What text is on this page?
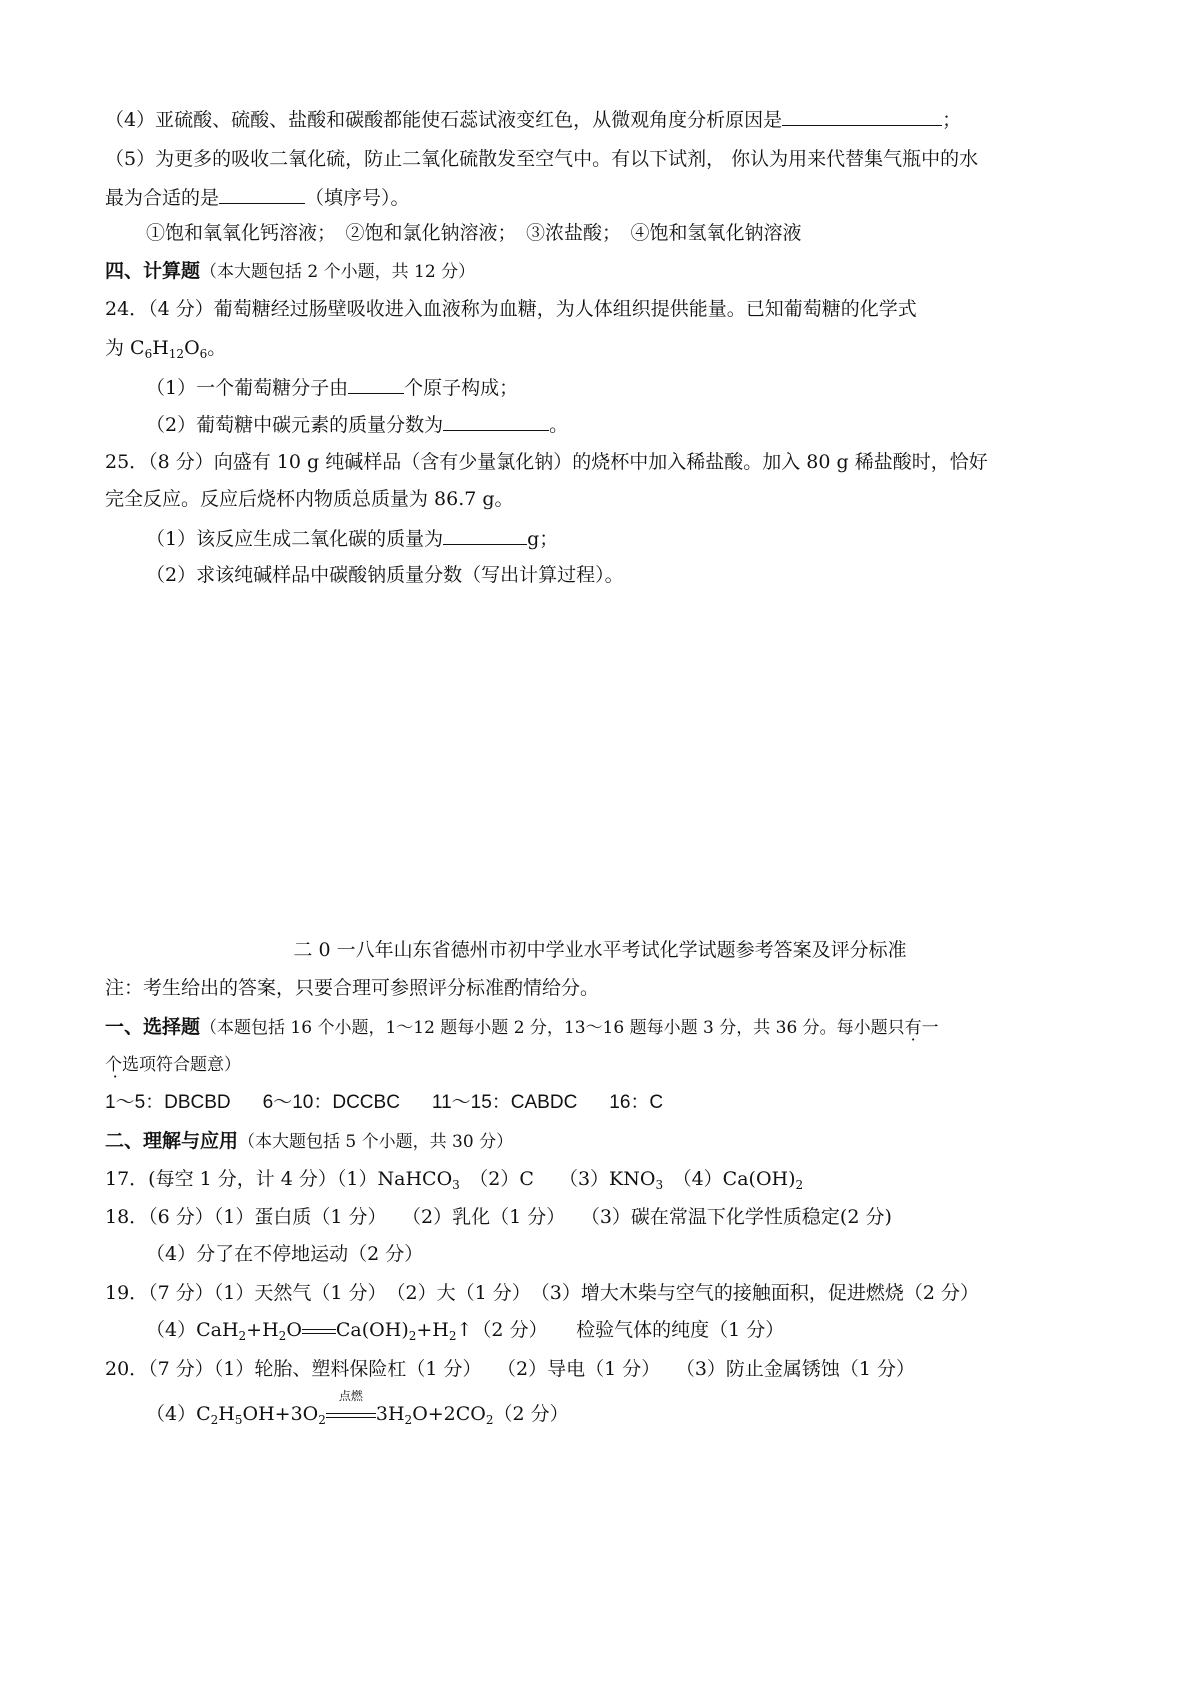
（4）亚硫酸、硫酸、盐酸和碳酸都能使石蕊试液变红色，从微观角度分析原因是	；
（5）为更多的吸收二氧化硫，防止二氧化硫散发至空气中。有以下试剂， 你认为用来代替集气瓶中的水
最为合适的是	（填序号）。
①饱和氧氧化钙溶液；　②饱和氯化钠溶液；　③浓盐酸；　④饱和氢氧化钠溶液
四、计算题（本大题包括 2 个小题，共 12 分）
24．（4 分）葡萄糖经过肠壁吸收进入血液称为血糖，为人体组织提供能量。已知葡萄糖的化学式
为 $C_6H_{12}O_6$。
（1）一个葡萄糖分子由	个原子构成；
（2）葡萄糖中碳元素的质量分数为	。
25．（8 分）向盛有 10 g 纯碱样品（含有少量氯化钠）的烧杯中加入稀盐酸。加入 80 g 稀盐酸时，恰好
完全反应。反应后烧杯内物质总质量为 86.7 g。
（1）该反应生成二氧化碳的质量为	g；
（2）求该纯碱样品中碳酸钠质量分数（写出计算过程）。
二 0 一八年山东省德州市初中学业水平考试化学试题参考答案及评分标准
注：考生给出的答案，只要合理可参照评分标准酌情给分。
一、选择题（本题包括 16 个小题，1～12 题每小题 2 分，13～16 题每小题 3 分，共 36 分。每小题只有一
个选项符合题意）
1～5：DBCBD 6～10：DCCBC 11～15：CABDC 16：C
二、理解与应用（本大题包括 5 个小题，共 30 分）
17．(每空 1 分，计 4 分）（1）NaHCO$_3$　（2）C　 $(3)KNO_3$　$(4)Ca(OH)_2$
18．（6 分）（1）蛋白质（1 分）　 （2）乳化（1 分）　 （3）碳在常温下化学性质稳定(2 分)
（4）分了在不停地运动（2 分）
19．（7 分）（1）天然气（1 分）　（2）大（1 分）　（3）增大木柴与空气的接触面积，促进燃烧（2 分）
$(4)CaH_2+H_2O$ $Ca(OH)_2+H_2↑(2$ 分）　　检验气体的纯度（1 分）
20．（7 分）（1）轮胎、塑料保险杠（1 分）　 （2）导电（1 分）　 （3）防止金属锈蚀（1 分）
$(4)C_2H_5OH+3O_2$
点燃
$3H_2O+2CO_2(2$ 分）
